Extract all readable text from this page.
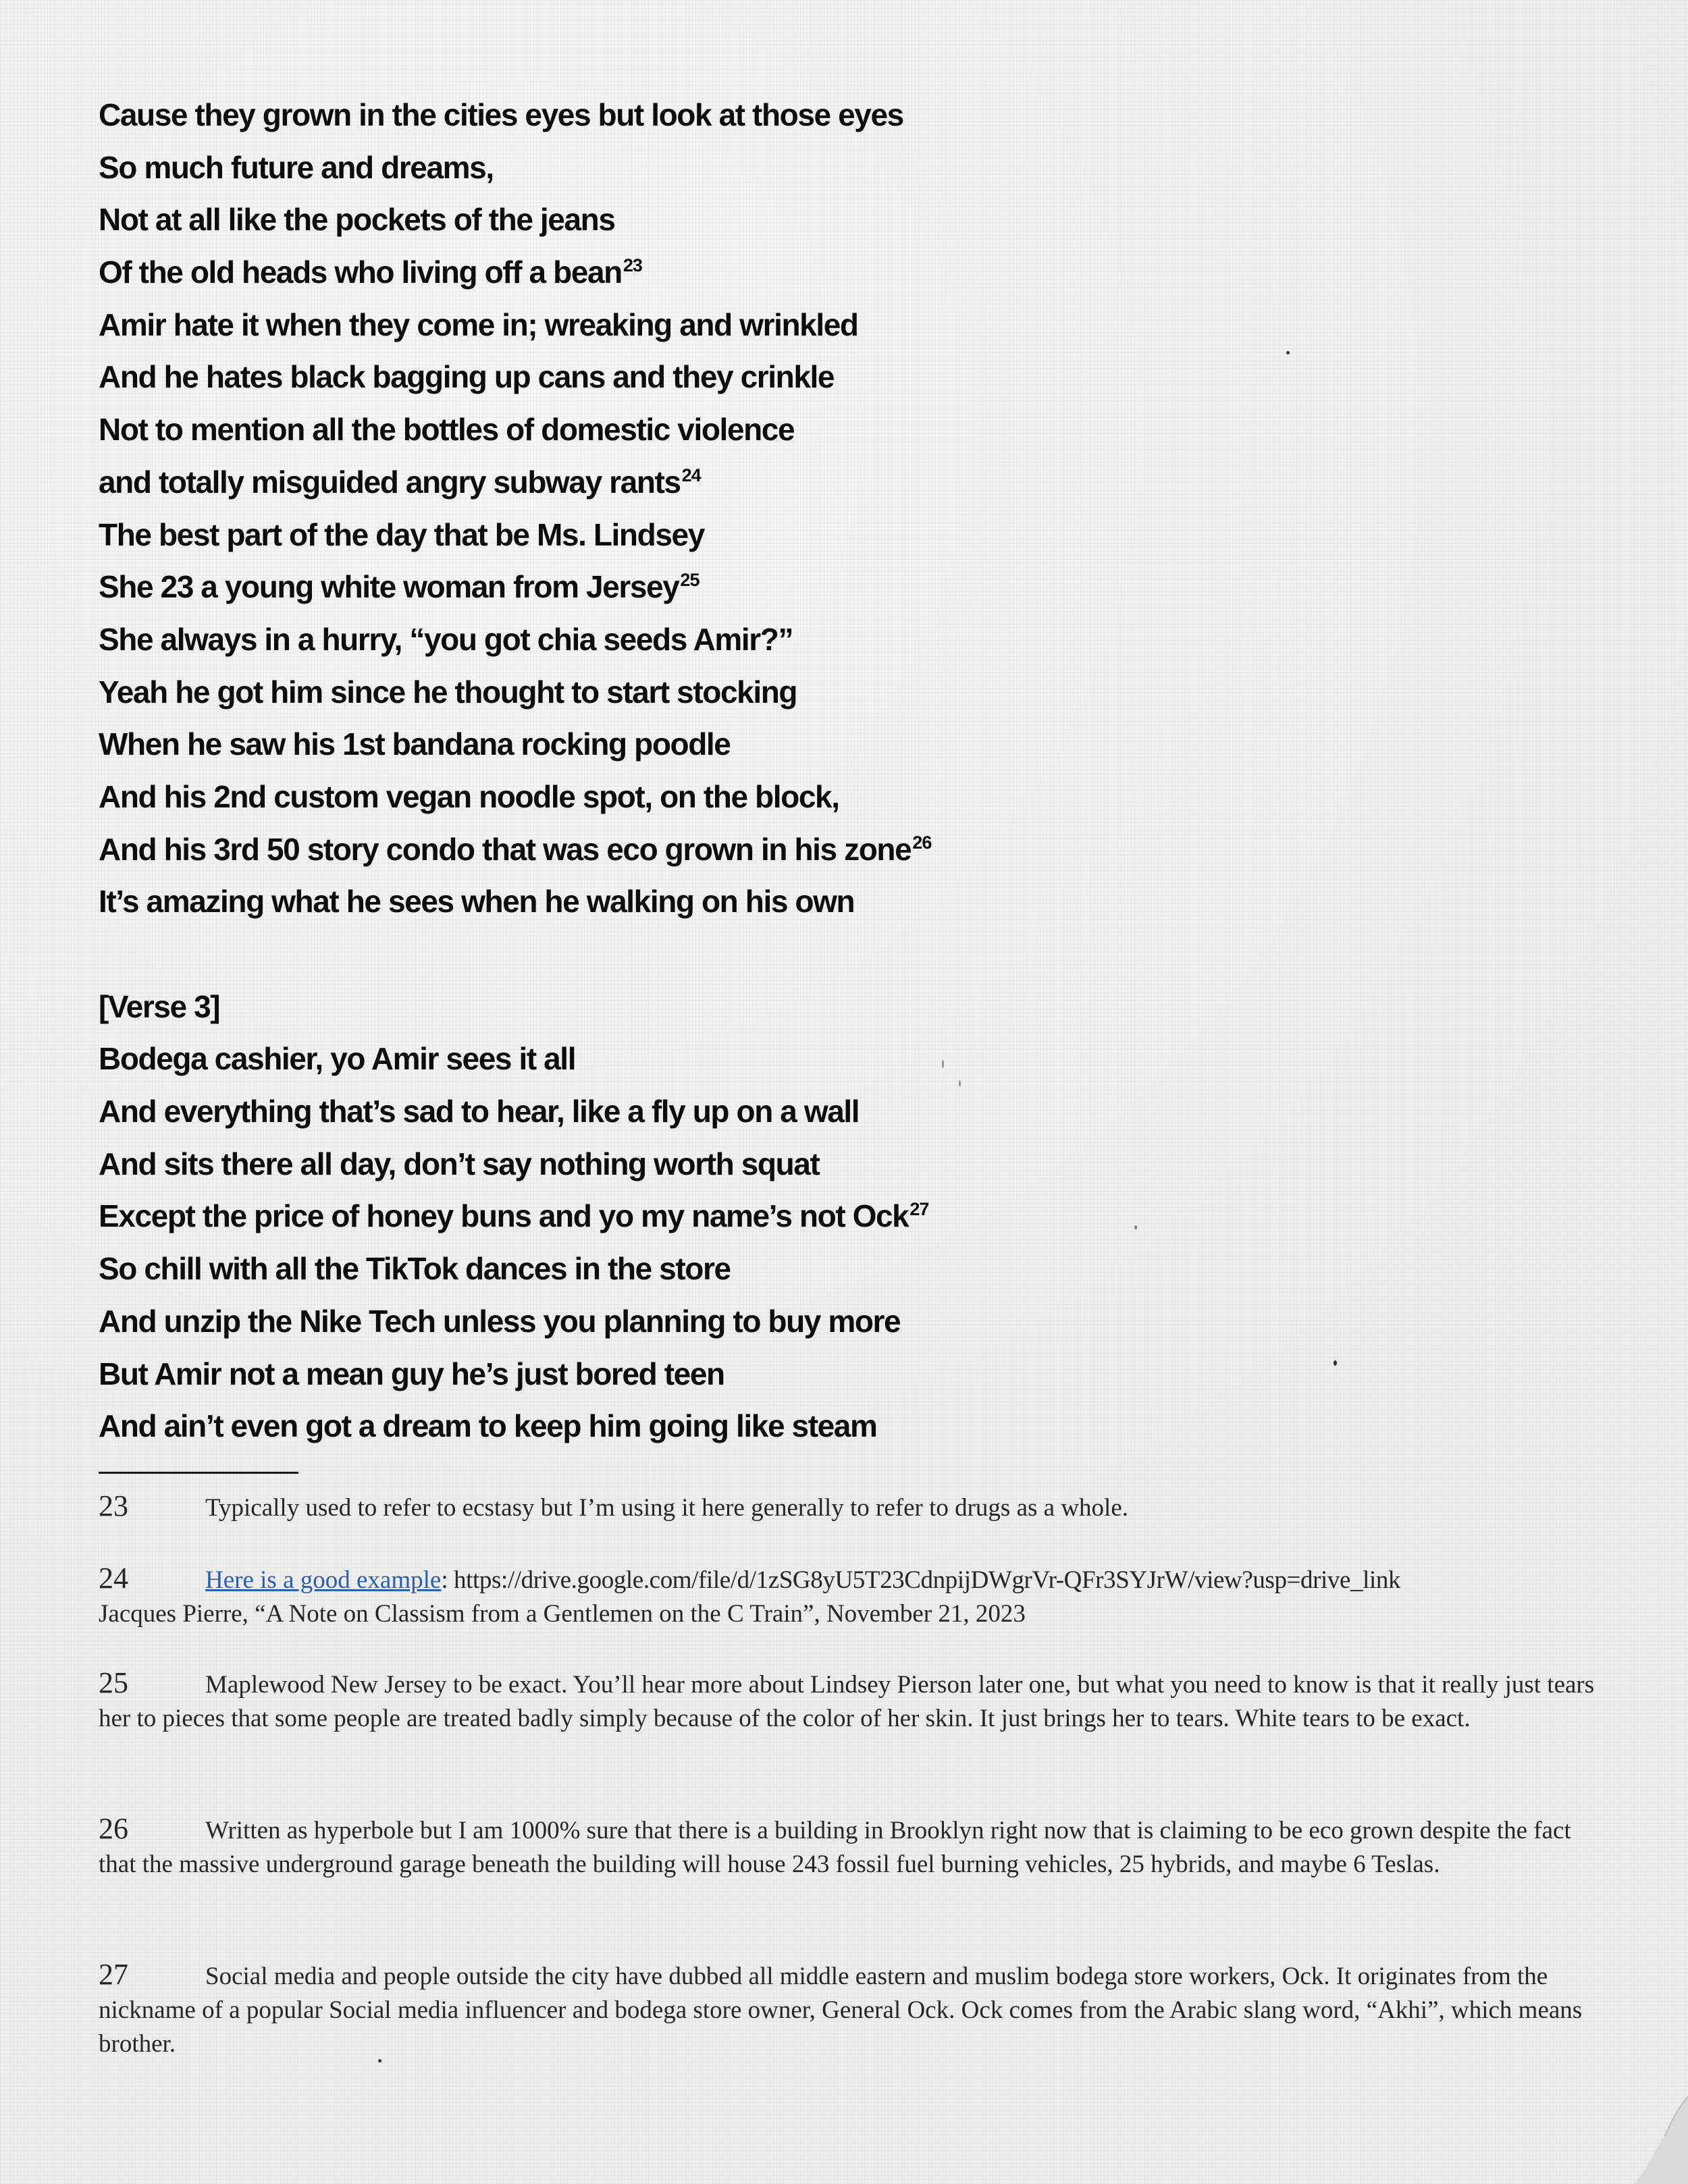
Cause they grown in the cities eyes but look at those eyes
So much future and dreams,
Not at all like the pockets of the jeans
Of the old heads who living off a bean$^{23}$
Amir hate it when they come in; wreaking and wrinkled
And he hates black bagging up cans and they crinkle
Not to mention all the bottles of domestic violence
and totally misguided angry subway rants$^{24}$
The best part of the day that be Ms. Lindsey
She 23 a young white woman from Jersey$^{25}$
She always in a hurry, “you got chia seeds Amir?”
Yeah he got him since he thought to start stocking
When he saw his 1st bandana rocking poodle
And his 2nd custom vegan noodle spot, on the block,
And his 3rd 50 story condo that was eco grown in his zone$^{26}$
It’s amazing what he sees when he walking on his own
[Verse 3]
Bodega cashier, yo Amir sees it all
And everything that’s sad to hear, like a fly up on a wall
And sits there all day, don’t say nothing worth squat
Except the price of honey buns and yo my name’s not Ock$^{27}$
So chill with all the TikTok dances in the store
And unzip the Nike Tech unless you planning to buy more
But Amir not a mean guy he’s just bored teen
And ain’t even got a dream to keep him going like steam
23	Typically used to refer to ecstasy but I’m using it here generally to refer to drugs as a whole.
24	Here is a good example: https://drive.google.com/file/d/1zSG8yU5T23CdnpijDWgrVr-QFr3SYJrW/view?usp=drive_link
Jacques Pierre, “A Note on Classism from a Gentlemen on the C Train”, November 21, 2023
25	Maplewood New Jersey to be exact. You’ll hear more about Lindsey Pierson later one, but what you need to know is that it really just tears her to pieces that some people are treated badly simply because of the color of her skin. It just brings her to tears. White tears to be exact.
26	Written as hyperbole but I am 1000% sure that there is a building in Brooklyn right now that is claiming to be eco grown despite the fact that the massive underground garage beneath the building will house 243 fossil fuel burning vehicles, 25 hybrids, and maybe 6 Teslas.
27	Social media and people outside the city have dubbed all middle eastern and muslim bodega store workers, Ock. It originates from the nickname of a popular Social media influencer and bodega store owner, General Ock. Ock comes from the Arabic slang word, “Akhi”, which means brother.
